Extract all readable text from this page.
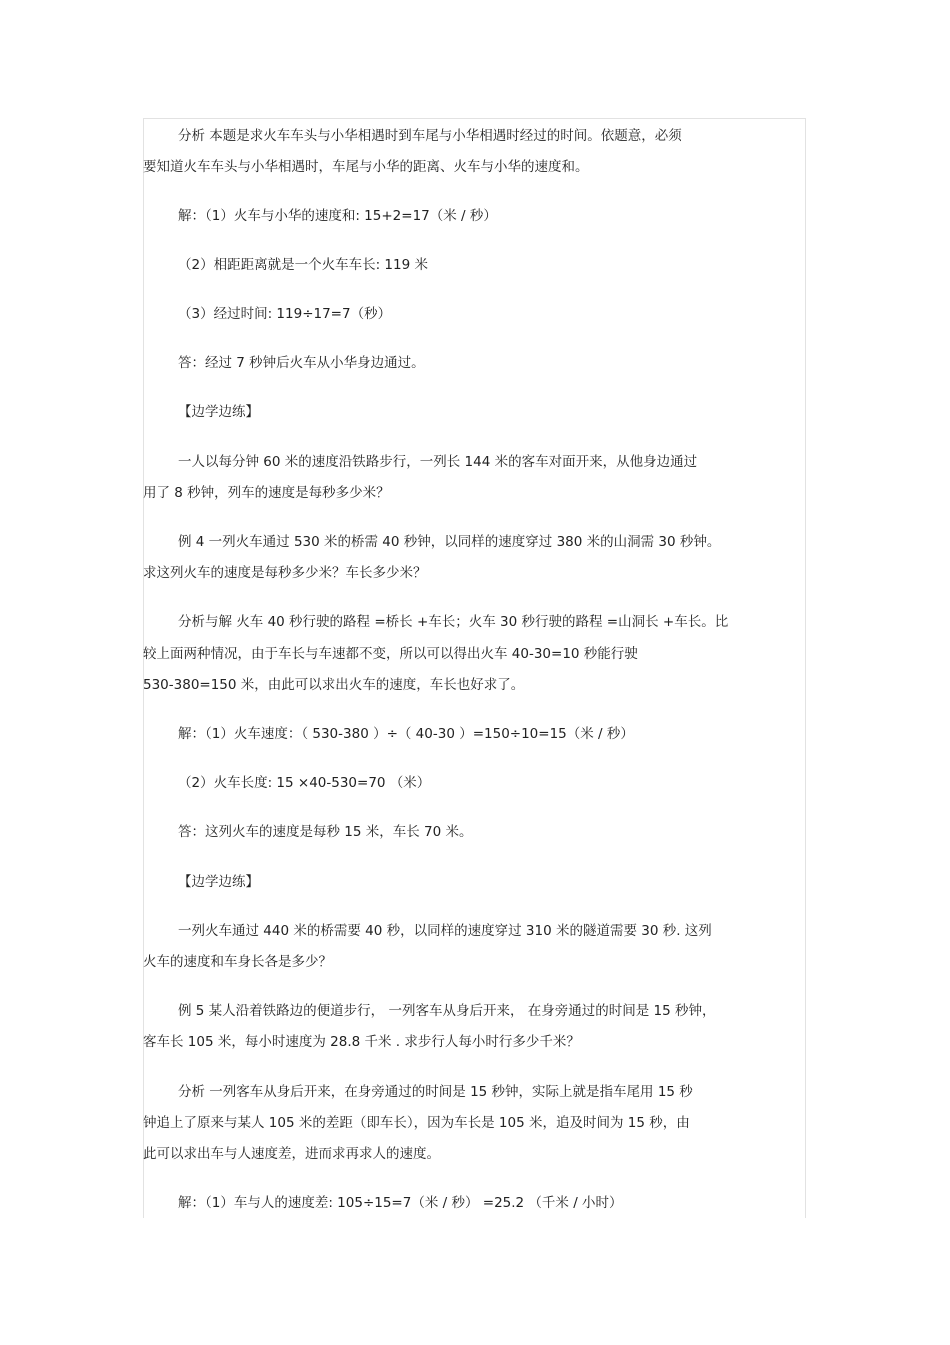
分析 本题是求火车车头与小华相遇时到车尾与小华相遇时经过的时间。依题意，必须
要知道火车车头与小华相遇时，车尾与小华的距离、火车与小华的速度和。
解：（1）火车与小华的速度和: 15+2=17（米 / 秒）
（2）相距距离就是一个火车车长: 119 米
（3）经过时间: 119÷17=7（秒）
答：经过 7 秒钟后火车从小华身边通过。
【边学边练】
一人以每分钟 60 米的速度沿铁路步行，一列长 144 米的客车对面开来，从他身边通过
用了 8 秒钟，列车的速度是每秒多少米？
例 4 一列火车通过 530 米的桥需 40 秒钟，以同样的速度穿过 380 米的山洞需 30 秒钟。
求这列火车的速度是每秒多少米？车长多少米？
分析与解 火车 40 秒行驶的路程 =桥长 +车长；火车 30 秒行驶的路程 =山洞长 +车长。比
较上面两种情况，由于车长与车速都不变，所以可以得出火车 40-30=10 秒能行驶
530-380=150 米，由此可以求出火车的速度，车长也好求了。
解：（1）火车速度：（ 530-380 ）÷（ 40-30 ）=150÷10=15（米 / 秒）
（2）火车长度: 15 ×40-530=70 （米）
答：这列火车的速度是每秒 15 米，车长 70 米。
【边学边练】
一列火车通过 440 米的桥需要 40 秒，以同样的速度穿过 310 米的隧道需要 30 秒. 这列
火车的速度和车身长各是多少？
例 5 某人沿着铁路边的便道步行， 一列客车从身后开来， 在身旁通过的时间是 15 秒钟，
客车长 105 米，每小时速度为 28.8 千米 . 求步行人每小时行多少千米？
分析 一列客车从身后开来，在身旁通过的时间是 15 秒钟，实际上就是指车尾用 15 秒
钟追上了原来与某人 105 米的差距（即车长），因为车长是 105 米，追及时间为 15 秒，由
此可以求出车与人速度差，进而求再求人的速度。
解：（1）车与人的速度差: 105÷15=7（米 / 秒） =25.2 （千米 / 小时）
